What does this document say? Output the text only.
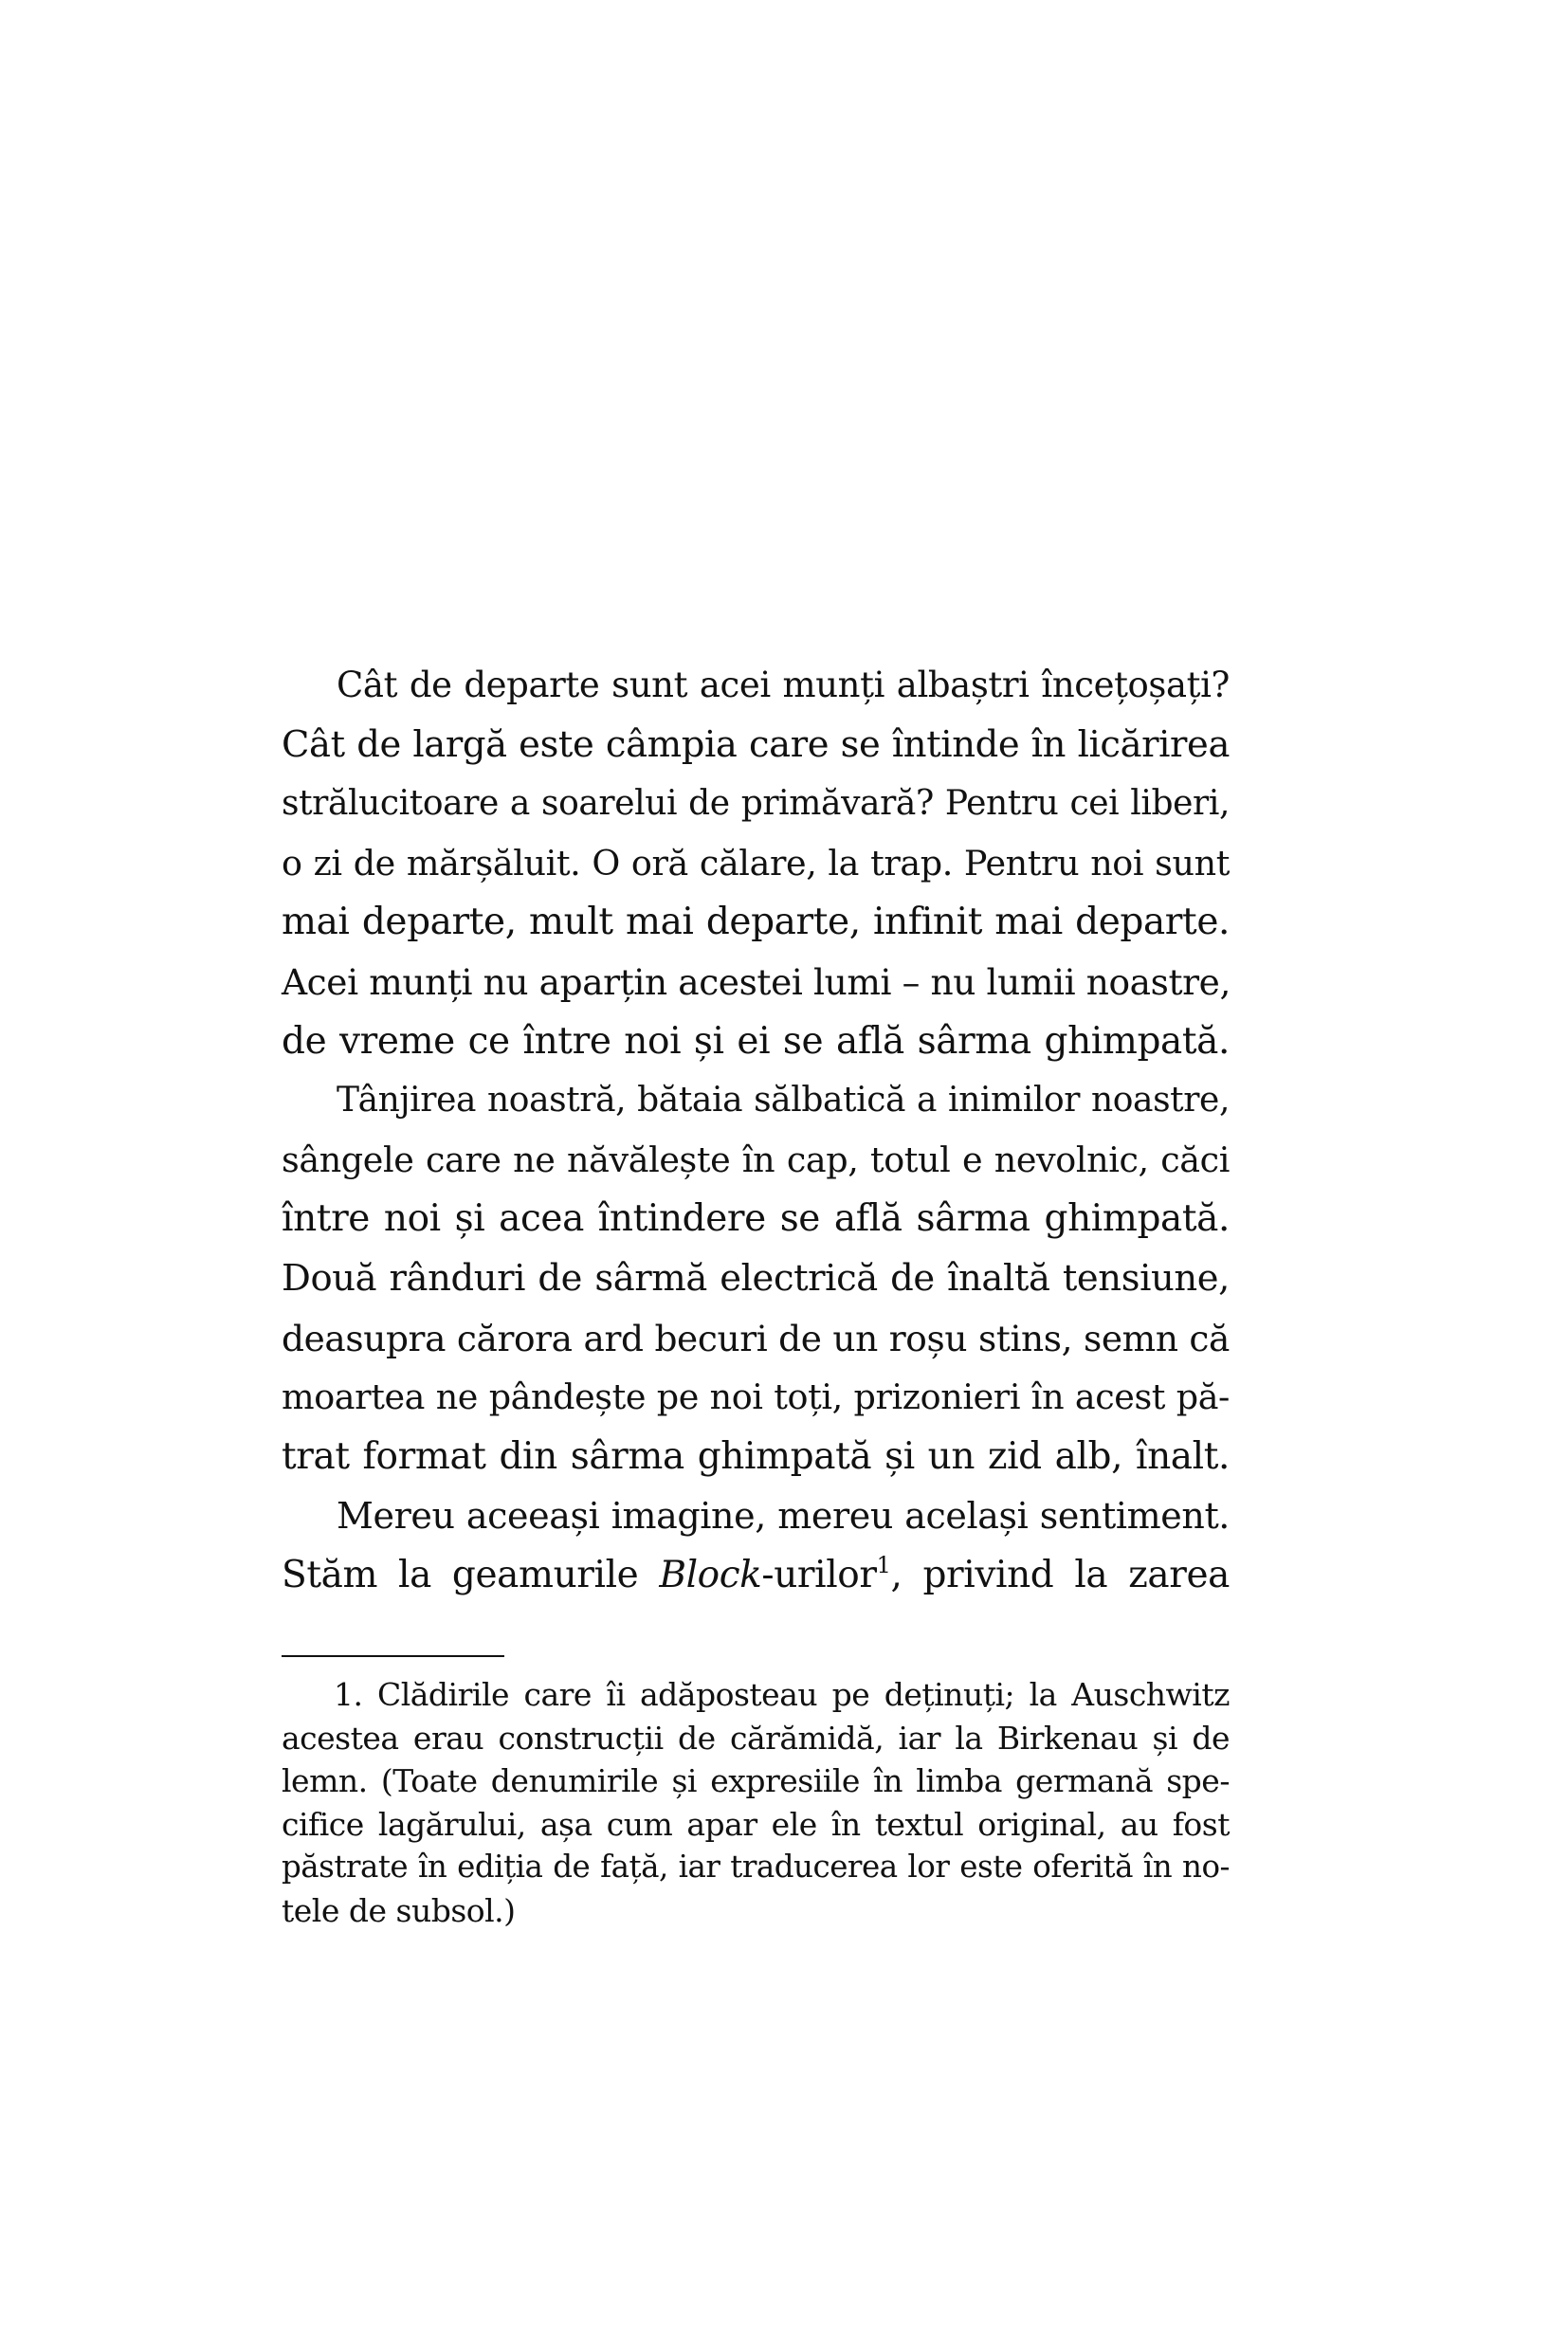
Cât de departe sunt acei munți albaștri încețoșați?
Cât de largă este câmpia care se întinde în licărirea
strălucitoare a soarelui de primăvară? Pentru cei liberi,
o zi de mărșăluit. O oră călare, la trap. Pentru noi sunt
mai departe, mult mai departe, infinit mai departe.
Acei munți nu aparțin acestei lumi – nu lumii noastre,
de vreme ce între noi și ei se află sârma ghimpată.
Tânjirea noastră, bătaia sălbatică a inimilor noastre,
sângele care ne năvălește în cap, totul e nevolnic, căci
între noi și acea întindere se află sârma ghimpată.
Două rânduri de sârmă electrică de înaltă tensiune,
deasupra cărora ard becuri de un roșu stins, semn că
moartea ne pândește pe noi toți, prizonieri în acest pă-
trat format din sârma ghimpată și un zid alb, înalt.
Mereu aceeași imagine, mereu același sentiment.
Stăm la geamurile Block-urilor$^1$, privind la zarea
1. Clădirile care îi adăposteau pe deținuți; la Auschwitz
acestea erau construcții de cărămidă, iar la Birkenau și de
lemn. (Toate denumirile și expresiile în limba germană spe-
cifice lagărului, așa cum apar ele în textul original, au fost
păstrate în ediția de față, iar traducerea lor este oferită în no-
tele de subsol.)
